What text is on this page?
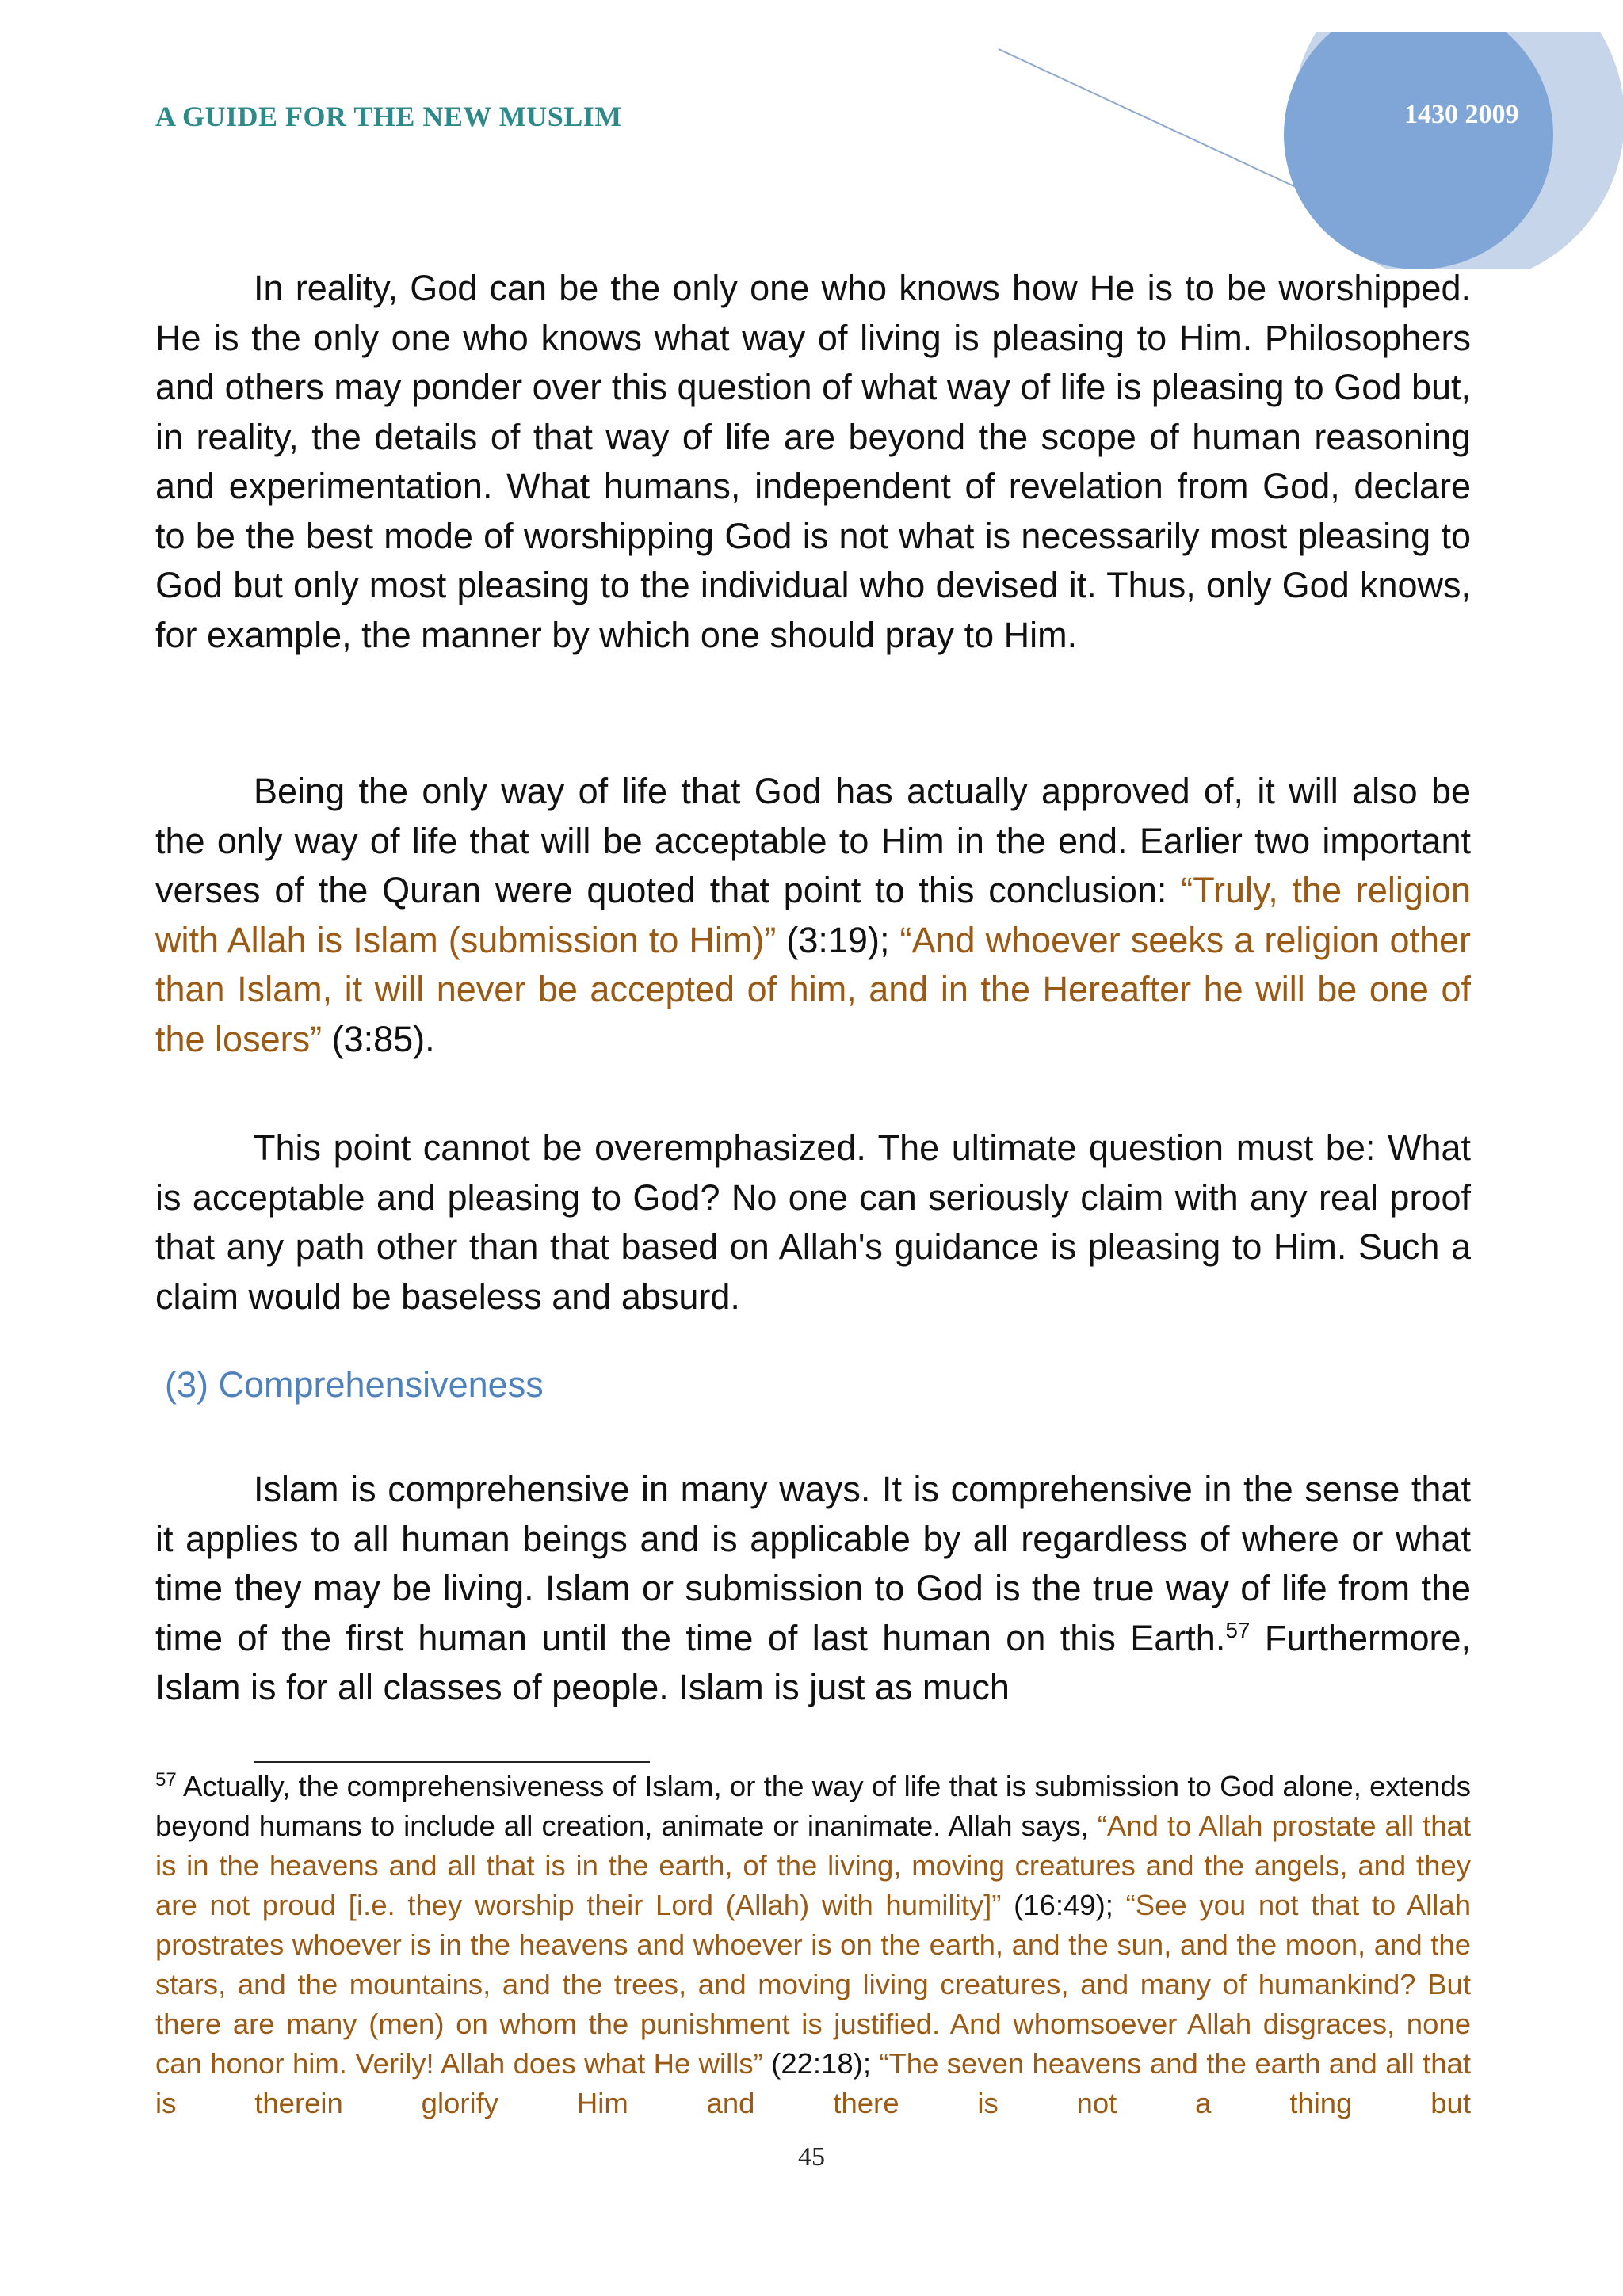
A GUIDE FOR THE NEW MUSLIM	1430 2009

In reality, God can be the only one who knows how He is to be worshipped. He is the only one who knows what way of living is pleasing to Him. Philosophers and others may ponder over this question of what way of life is pleasing to God but, in reality, the details of that way of life are beyond the scope of human reasoning and experimentation. What humans, independent of revelation from God, declare to be the best mode of worshipping God is not what is necessarily most pleasing to God but only most pleasing to the individual who devised it. Thus, only God knows, for example, the manner by which one should pray to Him.

Being the only way of life that God has actually approved of, it will also be the only way of life that will be acceptable to Him in the end. Earlier two important verses of the Quran were quoted that point to this conclusion: “Truly, the religion with Allah is Islam (submission to Him)” (3:19); “And whoever seeks a religion other than Islam, it will never be accepted of him, and in the Hereafter he will be one of the losers” (3:85).

This point cannot be overemphasized. The ultimate question must be: What is acceptable and pleasing to God? No one can seriously claim with any real proof that any path other than that based on Allah's guidance is pleasing to Him. Such a claim would be baseless and absurd.

(3) Comprehensiveness

Islam is comprehensive in many ways. It is comprehensive in the sense that it applies to all human beings and is applicable by all regardless of where or what time they may be living. Islam or submission to God is the true way of life from the time of the first human until the time of last human on this Earth.$^{57}$ Furthermore, Islam is for all classes of people. Islam is just as much

$^{57}$ Actually, the comprehensiveness of Islam, or the way of life that is submission to God alone, extends beyond humans to include all creation, animate or inanimate. Allah says, “And to Allah prostate all that is in the heavens and all that is in the earth, of the living, moving creatures and the angels, and they are not proud [i.e. they worship their Lord (Allah) with humility]” (16:49); “See you not that to Allah prostrates whoever is in the heavens and whoever is on the earth, and the sun, and the moon, and the stars, and the mountains, and the trees, and moving living creatures, and many of humankind? But there are many (men) on whom the punishment is justified. And whomsoever Allah disgraces, none can honor him. Verily! Allah does what He wills” (22:18); “The seven heavens and the earth and all that is therein glorify Him and there is not a thing but

45
